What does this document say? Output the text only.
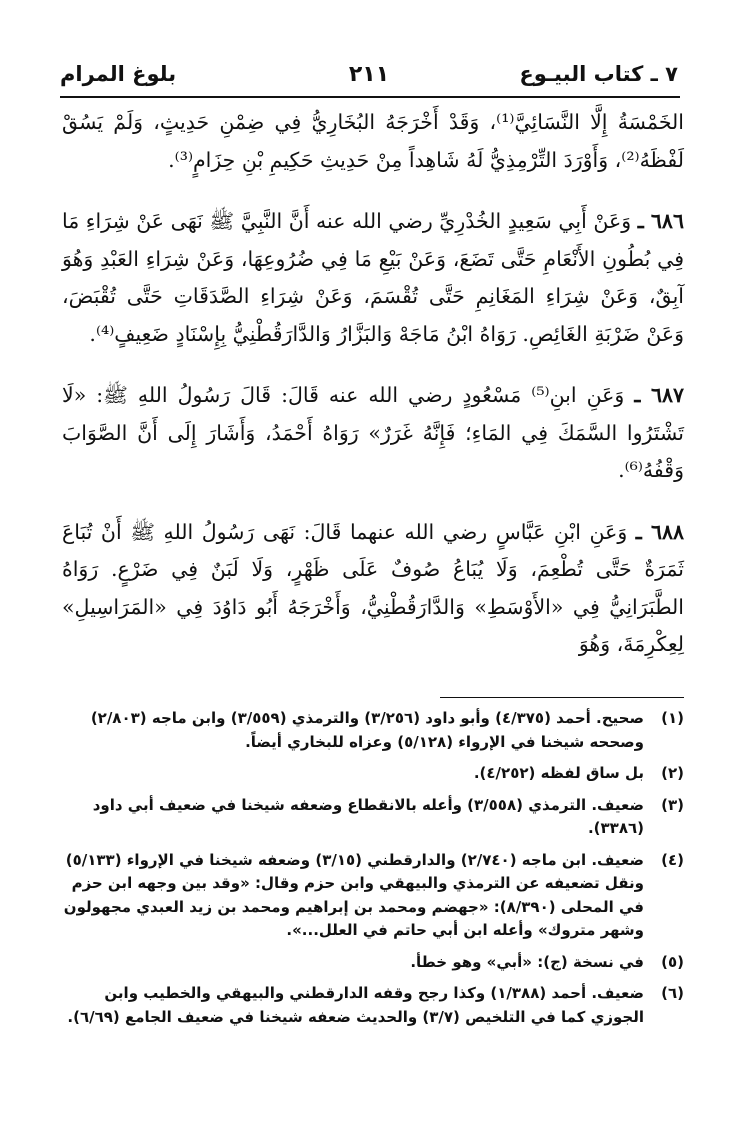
٧ ـ كتاب البيـوع
٢١١
بلوغ المرام

الخَمْسَةُ إِلَّا النَّسَائِيَّ⁽¹⁾، وَقَدْ أَخْرَجَهُ البُخَارِيُّ فِي ضِمْنِ حَدِيثٍ، وَلَمْ يَسُقْ لَفْظَهُ⁽²⁾، وَأَوْرَدَ التِّرْمِذِيُّ لَهُ شَاهِداً مِنْ حَدِيثِ حَكِيمِ بْنِ حِزَامٍ⁽³⁾.

٦٨٦ ـ وَعَنْ أَبِي سَعِيدٍ الخُدْرِيِّ رضي الله عنه أَنَّ النَّبِيَّ ﷺ نَهَى عَنْ شِرَاءِ مَا فِي بُطُونِ الأَنْعَامِ حَتَّى تَضَعَ، وَعَنْ بَيْعِ مَا فِي ضُرُوعِهَا، وَعَنْ شِرَاءِ العَبْدِ وَهُوَ آبِقٌ، وَعَنْ شِرَاءِ المَغَانِمِ حَتَّى تُقْسَمَ، وَعَنْ شِرَاءِ الصَّدَقَاتِ حَتَّى تُقْبَضَ، وَعَنْ ضَرْبَةِ الغَائِصِ. رَوَاهُ ابْنُ مَاجَهْ وَالبَزَّارُ وَالدَّارَقُطْنِيُّ بِإِسْنَادٍ ضَعِيفٍ⁽⁴⁾.

٦٨٧ ـ وَعَنِ ابنِ⁽⁵⁾ مَسْعُودٍ رضي الله عنه قَالَ: قَالَ رَسُولُ اللهِ ﷺ: «لَا تَشْتَرُوا السَّمَكَ فِي المَاءِ؛ فَإِنَّهُ غَرَرٌ» رَوَاهُ أَحْمَدُ، وَأَشَارَ إِلَى أَنَّ الصَّوَابَ وَقْفُهُ⁽⁶⁾.

٦٨٨ ـ وَعَنِ ابْنِ عَبَّاسٍ رضي الله عنهما قَالَ: نَهَى رَسُولُ اللهِ ﷺ أَنْ تُبَاعَ ثَمَرَةٌ حَتَّى تُطْعِمَ، وَلَا يُبَاعُ صُوفٌ عَلَى ظَهْرٍ، وَلَا لَبَنٌ فِي ضَرْعٍ. رَوَاهُ الطَّبَرَانِيُّ فِي «الأَوْسَطِ» وَالدَّارَقُطْنِيُّ، وَأَخْرَجَهُ أَبُو دَاوُدَ فِي «المَرَاسِيلِ» لِعِكْرِمَةَ، وَهُوَ

(١)
صحيح. أحمد (٤/٣٧٥) وأبو داود (٣/٢٥٦) والترمذي (٣/٥٥٩) وابن ماجه (٢/٨٠٣) وصححه شيخنا في الإرواء (٥/١٢٨) وعزاه للبخاري أيضاً.
(٢)
بل ساق لفظه (٤/٢٥٢).
(٣)
ضعيف. الترمذي (٣/٥٥٨) وأعله بالانقطاع وضعفه شيخنا في ضعيف أبي داود (٣٣٨٦).
(٤)
ضعيف. ابن ماجه (٢/٧٤٠) والدارقطني (٣/١٥) وضعفه شيخنا في الإرواء (٥/١٣٣) ونقل تضعيفه عن الترمذي والبيهقي وابن حزم وقال: «وقد بين وجهه ابن حزم في المحلى (٨/٣٩٠): «جهضم ومحمد بن إبراهيم ومحمد بن زيد العبدي مجهولون وشهر متروك» وأعله ابن أبي حاتم في العلل...».
(٥)
في نسخة (ج): «أبي» وهو خطأ.
(٦)
ضعيف. أحمد (١/٣٨٨) وكذا رجح وقفه الدارقطني والبيهقي والخطيب وابن الجوزي كما في التلخيص (٣/٧) والحديث ضعفه شيخنا في ضعيف الجامع (٦/٦٩).
